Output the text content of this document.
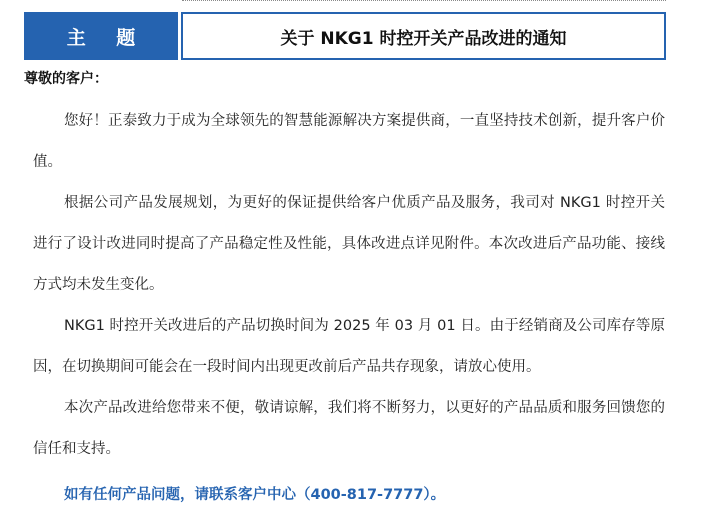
主 题	关于 NKG1 时控开关产品改进的通知
尊敬的客户：
您好！正泰致力于成为全球领先的智慧能源解决方案提供商，一直坚持技术创新，提升客户价值。
根据公司产品发展规划，为更好的保证提供给客户优质产品及服务，我司对 NKG1 时控开关进行了设计改进同时提高了产品稳定性及性能，具体改进点详见附件。本次改进后产品功能、接线方式均未发生变化。
NKG1 时控开关改进后的产品切换时间为 2025 年 03 月 01 日。由于经销商及公司库存等原因，在切换期间可能会在一段时间内出现更改前后产品共存现象，请放心使用。
本次产品改进给您带来不便，敬请谅解，我们将不断努力，以更好的产品品质和服务回馈您的信任和支持。
如有任何产品问题，请联系客户中心（400-817-7777）。
